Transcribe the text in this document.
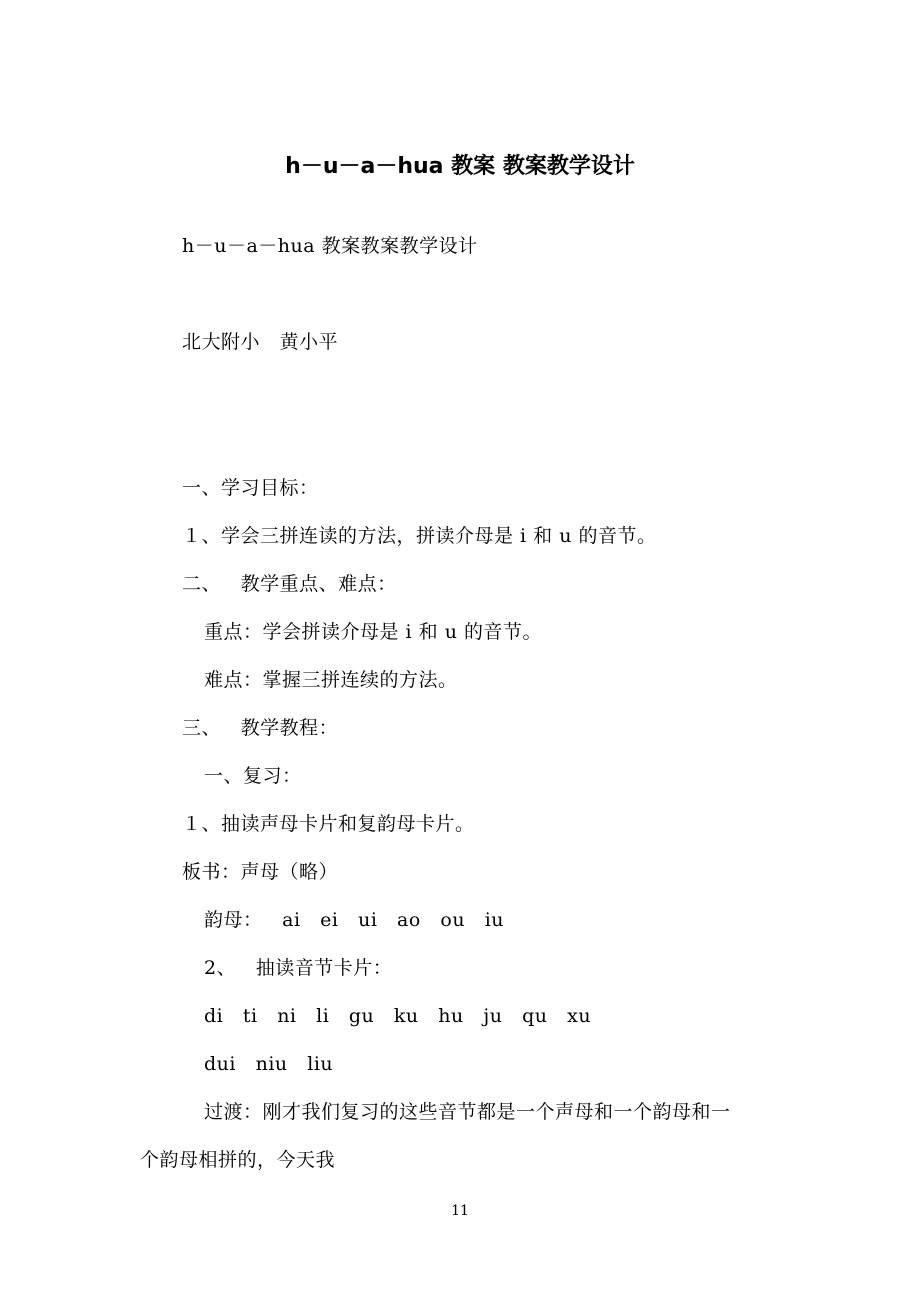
h－u－a－hua 教案 教案教学设计
h－u－a－hua 教案教案教学设计
北大附小   黄小平
一、学习目标：
１、学会三拼连读的方法，拼读介母是 i 和 u 的音节。
二、   教学重点、难点：
重点：学会拼读介母是 i 和 u 的音节。
难点：掌握三拼连续的方法。
三、   教学教程：
一、复习：
１、抽读声母卡片和复韵母卡片。
板书：声母（略）
韵母：   ai   ei   ui   ao   ou   iu
2、   抽读音节卡片：
di   ti   ni   li   gu   ku   hu   ju   qu   xu
dui   niu   liu
过渡：刚才我们复习的这些音节都是一个声母和一个韵母和一
个韵母相拼的，今天我
11
